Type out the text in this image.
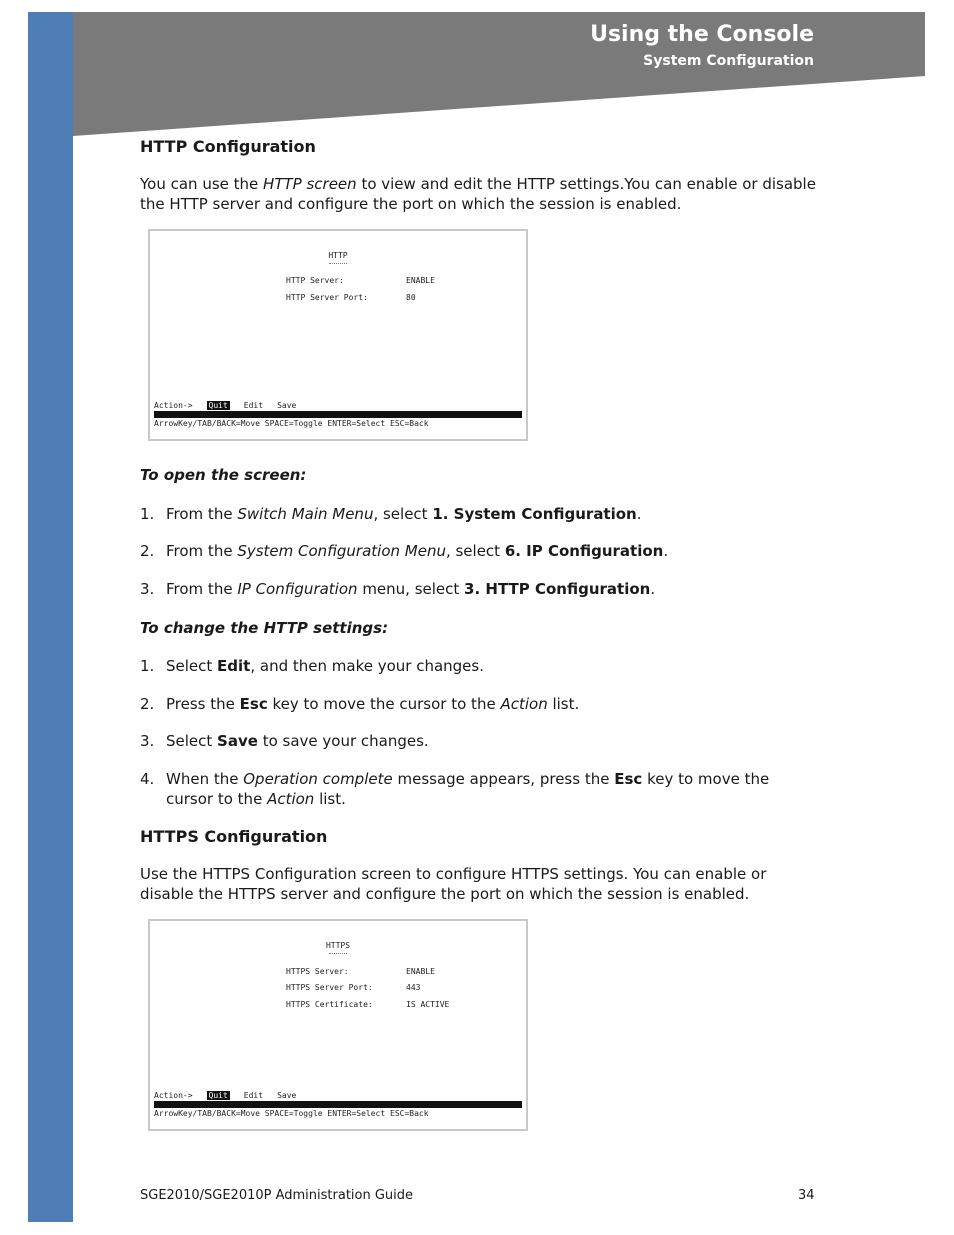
Using the Console
System Configuration
HTTP Configuration
You can use the HTTP screen to view and edit the HTTP settings.You can enable or disable the HTTP server and configure the port on which the session is enabled.
HTTP
HTTP Server:	ENABLE
HTTP Server Port:	80
Action-> Quit Edit Save
ArrowKey/TAB/BACK=Move SPACE=Toggle ENTER=Select ESC=Back
To open the screen:
1. From the Switch Main Menu, select 1. System Configuration.
2. From the System Configuration Menu, select 6. IP Configuration.
3. From the IP Configuration menu, select 3. HTTP Configuration.
To change the HTTP settings:
1. Select Edit, and then make your changes.
2. Press the Esc key to move the cursor to the Action list.
3. Select Save to save your changes.
4. When the Operation complete message appears, press the Esc key to move the cursor to the Action list.
HTTPS Configuration
Use the HTTPS Configuration screen to configure HTTPS settings. You can enable or disable the HTTPS server and configure the port on which the session is enabled.
HTTPS
HTTPS Server:	ENABLE
HTTPS Server Port:	443
HTTPS Certificate:	IS ACTIVE
Action-> Quit Edit Save
ArrowKey/TAB/BACK=Move SPACE=Toggle ENTER=Select ESC=Back
SGE2010/SGE2010P Administration Guide	34
